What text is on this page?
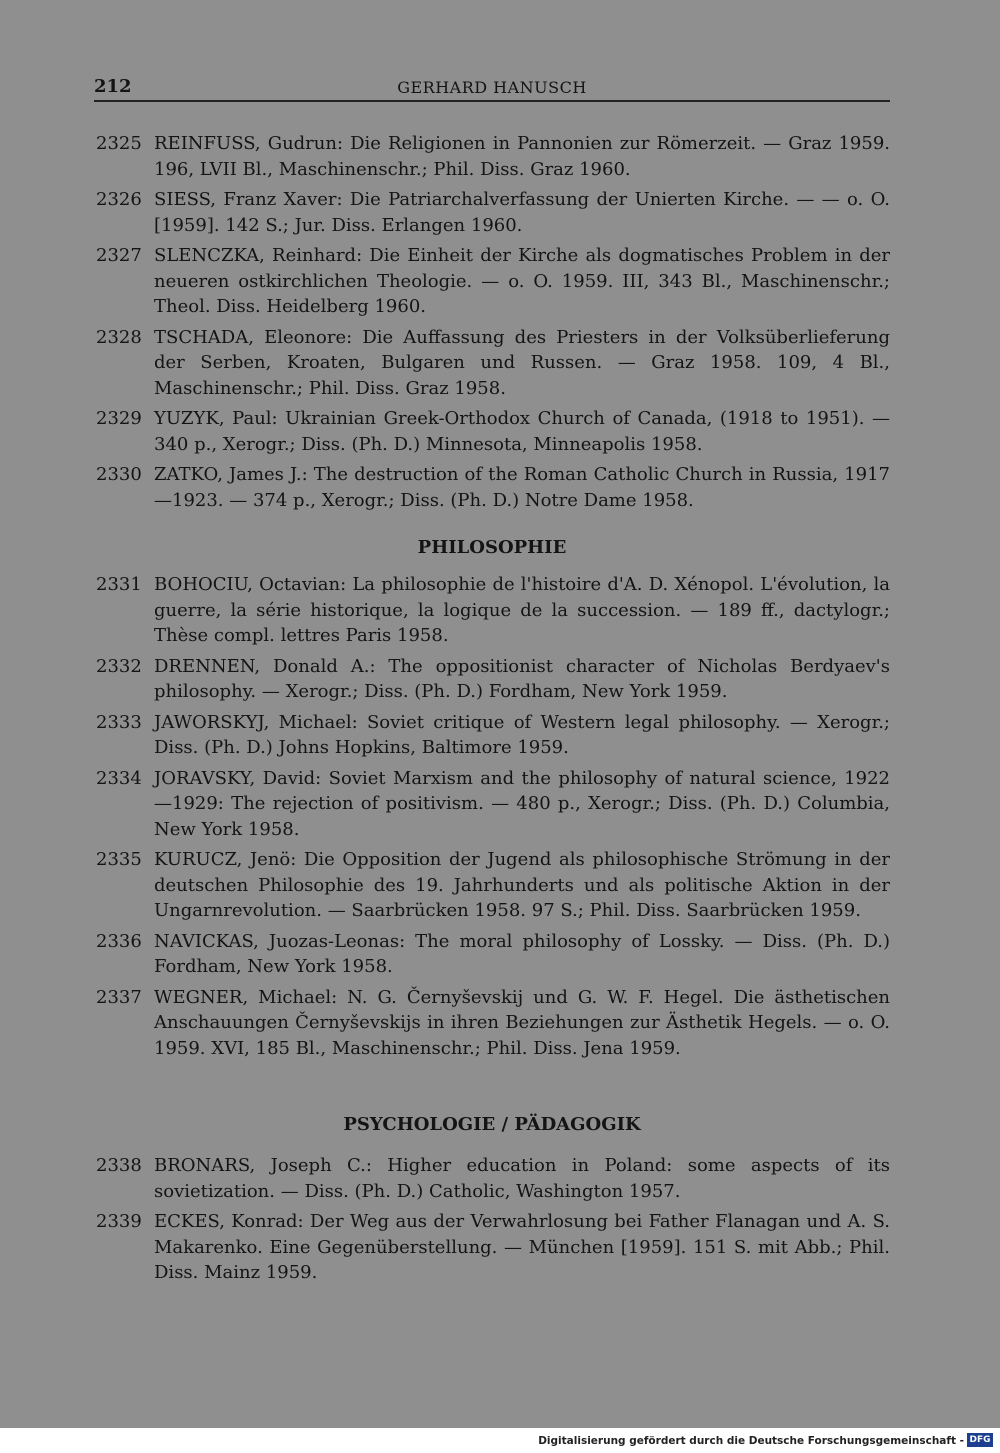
212	GERHARD HANUSCH
2325 REINFUSS, Gudrun: Die Religionen in Pannonien zur Römerzeit. — Graz 1959. 196, LVII Bl., Maschinenschr.; Phil. Diss. Graz 1960.
2326 SIESS, Franz Xaver: Die Patriarchalverfassung der Unierten Kirche. — — o. O. [1959]. 142 S.; Jur. Diss. Erlangen 1960.
2327 SLENCZKA, Reinhard: Die Einheit der Kirche als dogmatisches Problem in der neueren ostkirchlichen Theologie. — o. O. 1959. III, 343 Bl., Maschinenschr.; Theol. Diss. Heidelberg 1960.
2328 TSCHADA, Eleonore: Die Auffassung des Priesters in der Volksüberlieferung der Serben, Kroaten, Bulgaren und Russen. — Graz 1958. 109, 4 Bl., Maschinenschr.; Phil. Diss. Graz 1958.
2329 YUZYK, Paul: Ukrainian Greek-Orthodox Church of Canada, (1918 to 1951). — 340 p., Xerogr.; Diss. (Ph. D.) Minnesota, Minneapolis 1958.
2330 ZATKO, James J.: The destruction of the Roman Catholic Church in Russia, 1917—1923. — 374 p., Xerogr.; Diss. (Ph. D.) Notre Dame 1958.
PHILOSOPHIE
2331 BOHOCIU, Octavian: La philosophie de l'histoire d'A. D. Xénopol. L'évolution, la guerre, la série historique, la logique de la succession. — 189 ff., dactylogr.; Thèse compl. lettres Paris 1958.
2332 DRENNEN, Donald A.: The oppositionist character of Nicholas Berdyaev's philosophy. — Xerogr.; Diss. (Ph. D.) Fordham, New York 1959.
2333 JAWORSKYJ, Michael: Soviet critique of Western legal philosophy. — Xerogr.; Diss. (Ph. D.) Johns Hopkins, Baltimore 1959.
2334 JORAVSKY, David: Soviet Marxism and the philosophy of natural science, 1922—1929: The rejection of positivism. — 480 p., Xerogr.; Diss. (Ph. D.) Columbia, New York 1958.
2335 KURUCZ, Jenö: Die Opposition der Jugend als philosophische Strömung in der deutschen Philosophie des 19. Jahrhunderts und als politische Aktion in der Ungarnrevolution. — Saarbrücken 1958. 97 S.; Phil. Diss. Saarbrücken 1959.
2336 NAVICKAS, Juozas-Leonas: The moral philosophy of Lossky. — Diss. (Ph. D.) Fordham, New York 1958.
2337 WEGNER, Michael: N. G. Černyševskij und G. W. F. Hegel. Die ästhetischen Anschauungen Černyševskijs in ihren Beziehungen zur Ästhetik Hegels. — o. O. 1959. XVI, 185 Bl., Maschinenschr.; Phil. Diss. Jena 1959.
PSYCHOLOGIE / PÄDAGOGIK
2338 BRONARS, Joseph C.: Higher education in Poland: some aspects of its sovietization. — Diss. (Ph. D.) Catholic, Washington 1957.
2339 ECKES, Konrad: Der Weg aus der Verwahrlosung bei Father Flanagan und A. S. Makarenko. Eine Gegenüberstellung. — München [1959]. 151 S. mit Abb.; Phil. Diss. Mainz 1959.
Digitalisierung gefördert durch die Deutsche Forschungsgemeinschaft - DFG
